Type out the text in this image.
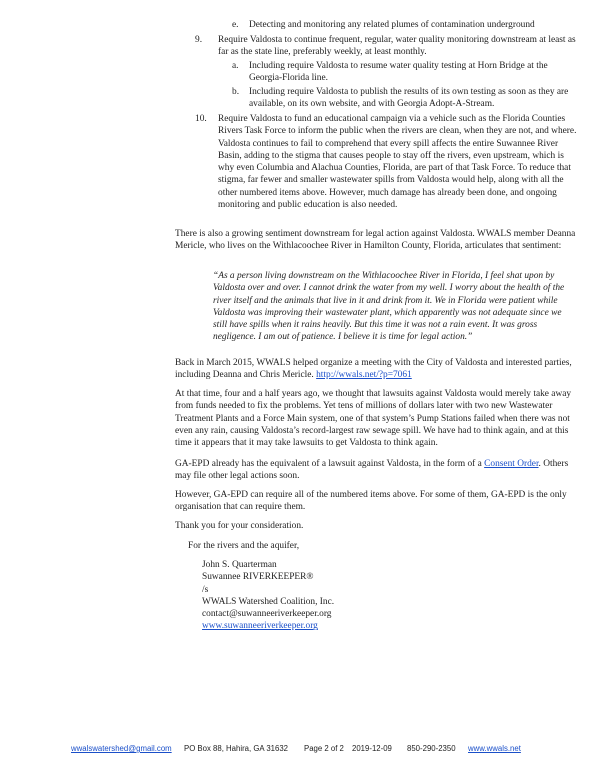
e.	Detecting and monitoring any related plumes of contamination underground
9. Require Valdosta to continue frequent, regular, water quality monitoring downstream at least as far as the state line, preferably weekly, at least monthly.
a. Including require Valdosta to resume water quality testing at Horn Bridge at the Georgia-Florida line.
b. Including require Valdosta to publish the results of its own testing as soon as they are available, on its own website, and with Georgia Adopt-A-Stream.
10. Require Valdosta to fund an educational campaign via a vehicle such as the Florida Counties Rivers Task Force to inform the public when the rivers are clean, when they are not, and where. Valdosta continues to fail to comprehend that every spill affects the entire Suwannee River Basin, adding to the stigma that causes people to stay off the rivers, even upstream, which is why even Columbia and Alachua Counties, Florida, are part of that Task Force. To reduce that stigma, far fewer and smaller wastewater spills from Valdosta would help, along with all the other numbered items above. However, much damage has already been done, and ongoing monitoring and public education is also needed.

There is also a growing sentiment downstream for legal action against Valdosta. WWALS member Deanna Mericle, who lives on the Withlacoochee River in Hamilton County, Florida, articulates that sentiment:

“As a person living downstream on the Withlacoochee River in Florida, I feel shat upon by Valdosta over and over. I cannot drink the water from my well. I worry about the health of the river itself and the animals that live in it and drink from it. We in Florida were patient while Valdosta was improving their wastewater plant, which apparently was not adequate since we still have spills when it rains heavily. But this time it was not a rain event. It was gross negligence. I am out of patience. I believe it is time for legal action.”

Back in March 2015, WWALS helped organize a meeting with the City of Valdosta and interested parties, including Deanna and Chris Mericle. http://wwals.net/?p=7061

At that time, four and a half years ago, we thought that lawsuits against Valdosta would merely take away from funds needed to fix the problems. Yet tens of millions of dollars later with two new Wastewater Treatment Plants and a Force Main system, one of that system’s Pump Stations failed when there was not even any rain, causing Valdosta’s record-largest raw sewage spill. We have had to think again, and at this time it appears that it may take lawsuits to get Valdosta to think again.

GA-EPD already has the equivalent of a lawsuit against Valdosta, in the form of a Consent Order. Others may file other legal actions soon.

However, GA-EPD can require all of the numbered items above. For some of them, GA-EPD is the only organisation that can require them.

Thank you for your consideration.

For the rivers and the aquifer,

John S. Quarterman
Suwannee RIVERKEEPER®
/s
WWALS Watershed Coalition, Inc.
contact@suwanneeriverkeeper.org
www.suwanneeriverkeeper.org
wwalswatershed@gmail.com PO Box 88, Hahira, GA 31632 Page 2 of 2 2019-12-09 850-290-2350 www.wwals.net
